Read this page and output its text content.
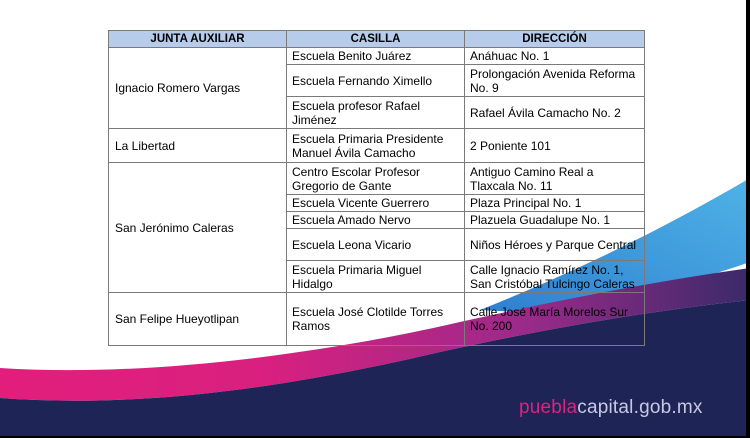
JUNTA AUXILIAR	CASILLA	DIRECCIÓN
Ignacio Romero Vargas	Escuela Benito Juárez	Anáhuac No. 1
	Escuela Fernando Ximello	Prolongación Avenida Reforma No. 9
	Escuela profesor Rafael Jiménez	Rafael Ávila Camacho No. 2
La Libertad	Escuela Primaria Presidente Manuel Ávila Camacho	2 Poniente 101
San Jerónimo Caleras	Centro Escolar Profesor Gregorio de Gante	Antiguo Camino Real a Tlaxcala No. 11
	Escuela Vicente Guerrero	Plaza Principal No. 1
	Escuela Amado Nervo	Plazuela Guadalupe No. 1
	Escuela Leona Vicario	Niños Héroes y Parque Central
	Escuela Primaria Miguel Hidalgo	Calle Ignacio Ramírez No. 1, San Cristóbal Tulcingo Caleras
San Felipe Hueyotlipan	Escuela José Clotilde Torres Ramos	Calle José María Morelos Sur No. 200
pueblacapital.gob.mx
